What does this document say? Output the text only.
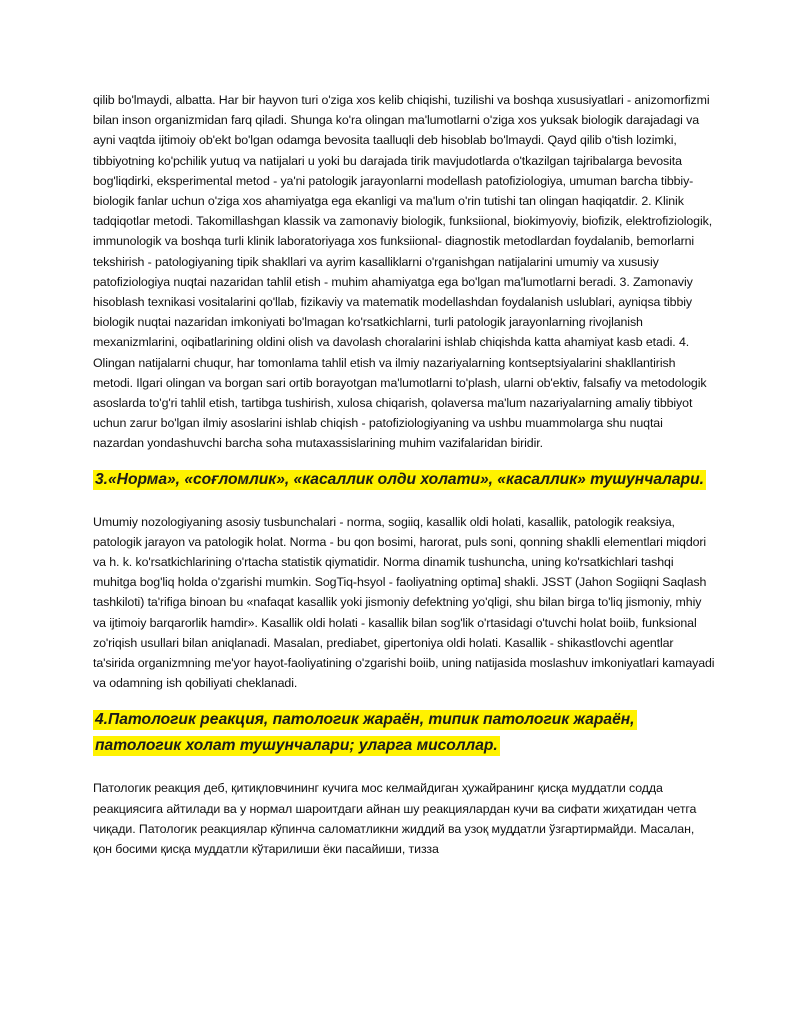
qilib bo'lmaydi, albatta. Har bir hayvon turi o'ziga xos kelib chiqishi, tuzilishi va boshqa xususiyatlari - anizomorfizmi bilan inson organizmidan farq qiladi. Shunga ko'ra olingan ma'lumotlarni o'ziga xos yuksak biologik darajadagi va ayni vaqtda ijtimoiy ob'ekt bo'lgan odamga bevosita taalluqli deb hisoblab bo'lmaydi. Qayd qilib o'tish lozimki, tibbiyotning ko'pchilik yutuq va natijalari u yoki bu darajada tirik mavjudotlarda o'tkazilgan tajribalarga bevosita bog'liqdirki, eksperimental metod - ya'ni patologik jarayonlarni modellash patofiziologiya, umuman barcha tibbiy-biologik fanlar uchun o'ziga xos ahamiyatga ega ekanligi va ma'lum o'rin tutishi tan olingan haqiqatdir. 2. Klinik tadqiqotlar metodi. Takomillashgan klassik va zamonaviy biologik, funksiional, biokimyoviy, biofizik, elektrofiziologik, immunologik va boshqa turli klinik laboratoriyaga xos funksiional- diagnostik metodlardan foydalanib, bemorlarni tekshirish - patologiyaning tipik shakllari va ayrim kasalliklarni o'rganishgan natijalarini umumiy va xususiy patofiziologiya nuqtai nazaridan tahlil etish - muhim ahamiyatga ega bo'lgan ma'lumotlarni beradi. 3. Zamonaviy hisoblash texnikasi vositalarini qo'llab, fizikaviy va matematik modellashdan foydalanish uslublari, ayniqsa tibbiy biologik nuqtai nazaridan imkoniyati bo'lmagan ko'rsatkichlarni, turli patologik jarayonlarning rivojlanish mexanizmlarini, oqibatlarining oldini olish va davolash choralarini ishlab chiqishda katta ahamiyat kasb etadi. 4. Olingan natijalarni chuqur, har tomonlama tahlil etish va ilmiy nazariyalarning kontseptsiyalarini shakllantirish metodi. Ilgari olingan va borgan sari ortib borayotgan ma'lumotlarni to'plash, ularni ob'ektiv, falsafiy va metodologik asoslarda to'g'ri tahlil etish, tartibga tushirish, xulosa chiqarish, qolaversa ma'lum nazariyalarning amaliy tibbiyot uchun zarur bo'lgan ilmiy asoslarini ishlab chiqish - patofiziologiyaning va ushbu muammolarga shu nuqtai nazardan yondashuvchi barcha soha mutaxassislarining muhim vazifalaridan biridir.

3.«Норма», «соғломлик», «касаллик олди холати», «касаллик» тушунчалари.

Umumiy nozologiyaning asosiy tusbunchalari - norma, sogiiq, kasallik oldi holati, kasallik, patologik reaksiya, patologik jarayon va patologik holat. Norma - bu qon bosimi, harorat, puls soni, qonning shaklli elementlari miqdori va h. k. ko'rsatkichlarining o'rtacha statistik qiymatidir. Norma dinamik tushuncha, uning ko'rsatkichlari tashqi muhitga bog'liq holda o'zgarishi mumkin. SogTiq-hsyol - faoliyatning optima] shakli. JSST (Jahon Sogiiqni Saqlash tashkiloti) ta'rifiga binoan bu «nafaqat kasallik yoki jismoniy defektning yo'qligi, shu bilan birga to'liq jismoniy, mhiy va ijtimoiy barqarorlik hamdir». Kasallik oldi holati - kasallik bilan sog'lik o'rtasidagi o'tuvchi holat boiib, funksional zo'riqish usullari bilan aniqlanadi. Masalan, prediabet, gipertoniya oldi holati. Kasallik - shikastlovchi agentlar ta'sirida organizmning me'yor hayot-faoliyatining o'zgarishi boiib, uning natijasida moslashuv imkoniyatlari kamayadi va odamning ish qobiliyati cheklanadi.

4.Патологик реакция, патологик жараён, типик патологик жараён, патологик холат тушунчалари; уларга мисоллар.

Патологик реакция деб, қитиқловчининг кучига мос келмайдиган ҳужайранинг қисқа муддатли содда реакциясига айтилади ва у нормал шароитдаги айнан шу реакциялардан кучи ва сифати жиҳатидан четга чиқади. Патологик реакциялар кўпинча саломатликни жиддий ва узоқ муддатли ўзгартирмайди. Масалан, қон босими қисқа муддатли кўтарилиши ёки пасайиши, тизза
